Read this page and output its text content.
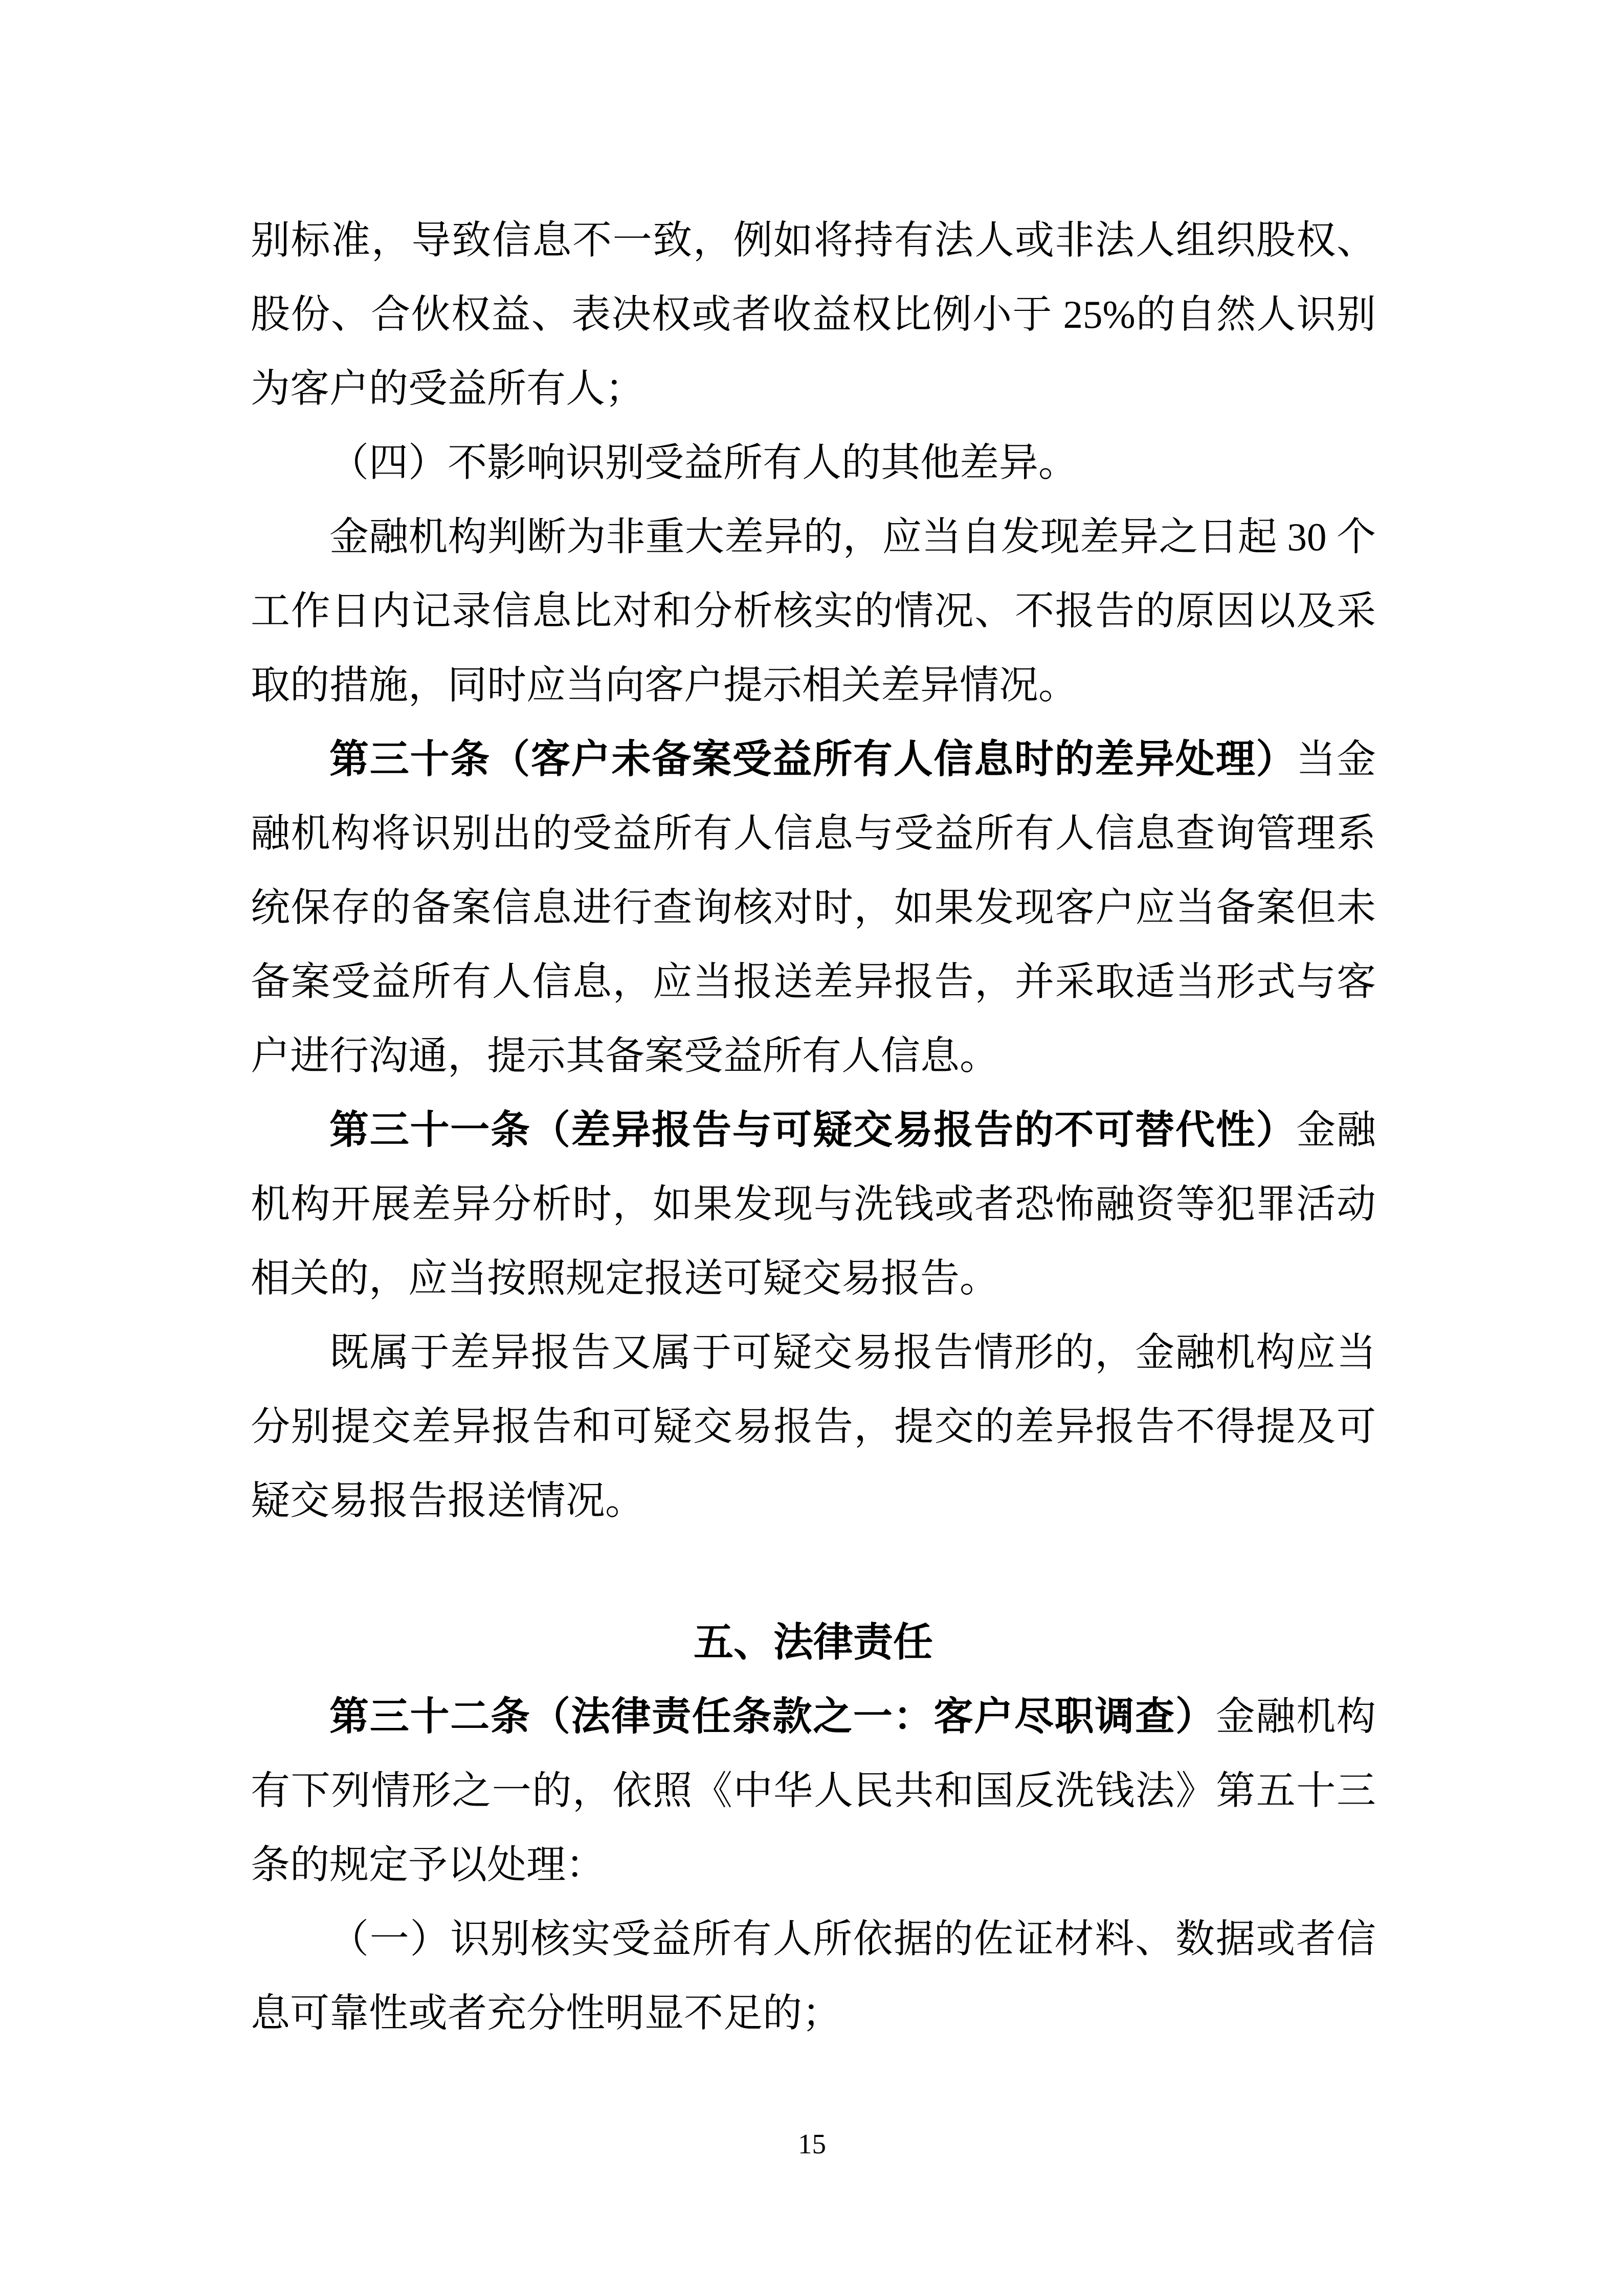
别标准，导致信息不一致，例如将持有法人或非法人组织股权、股份、合伙权益、表决权或者收益权比例小于 25%的自然人识别为客户的受益所有人；

（四）不影响识别受益所有人的其他差异。

金融机构判断为非重大差异的，应当自发现差异之日起 30 个工作日内记录信息比对和分析核实的情况、不报告的原因以及采取的措施，同时应当向客户提示相关差异情况。

第三十条（客户未备案受益所有人信息时的差异处理）当金融机构将识别出的受益所有人信息与受益所有人信息查询管理系统保存的备案信息进行查询核对时，如果发现客户应当备案但未备案受益所有人信息，应当报送差异报告，并采取适当形式与客户进行沟通，提示其备案受益所有人信息。

第三十一条（差异报告与可疑交易报告的不可替代性）金融机构开展差异分析时，如果发现与洗钱或者恐怖融资等犯罪活动相关的，应当按照规定报送可疑交易报告。

既属于差异报告又属于可疑交易报告情形的，金融机构应当分别提交差异报告和可疑交易报告，提交的差异报告不得提及可疑交易报告报送情况。

五、法律责任

第三十二条（法律责任条款之一：客户尽职调查）金融机构有下列情形之一的，依照《中华人民共和国反洗钱法》第五十三条的规定予以处理：

（一）识别核实受益所有人所依据的佐证材料、数据或者信息可靠性或者充分性明显不足的；

15
